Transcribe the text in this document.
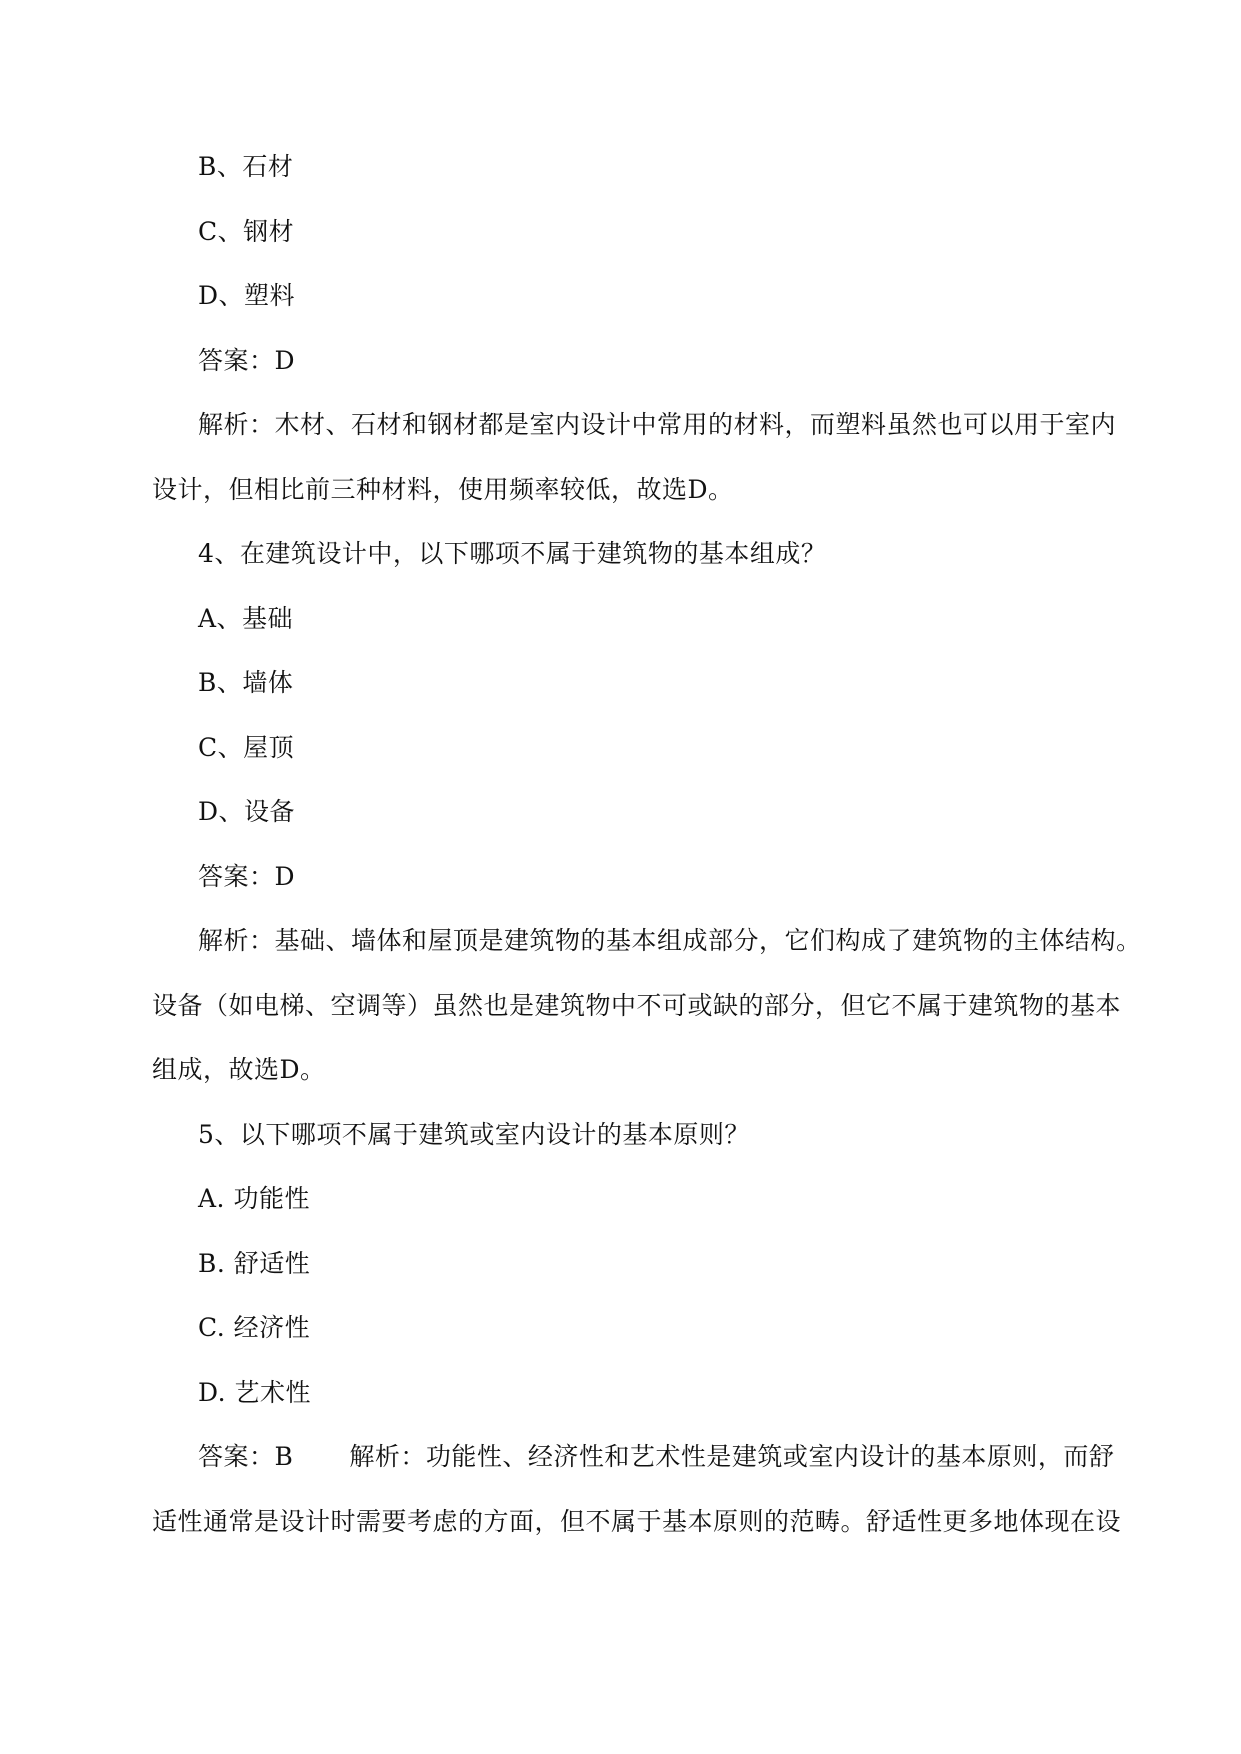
B、石材
C、钢材
D、塑料
答案：D
解析：木材、石材和钢材都是室内设计中常用的材料，而塑料虽然也可以用于室内
设计，但相比前三种材料，使用频率较低，故选D。
4、在建筑设计中，以下哪项不属于建筑物的基本组成？
A、基础
B、墙体
C、屋顶
D、设备
答案：D
解析：基础、墙体和屋顶是建筑物的基本组成部分，它们构成了建筑物的主体结构。
设备（如电梯、空调等）虽然也是建筑物中不可或缺的部分，但它不属于建筑物的基本
组成，故选D。
5、以下哪项不属于建筑或室内设计的基本原则？
A. 功能性
B. 舒适性
C. 经济性
D. 艺术性
答案：B 解析：功能性、经济性和艺术性是建筑或室内设计的基本原则，而舒
适性通常是设计时需要考虑的方面，但不属于基本原则的范畴。舒适性更多地体现在设
